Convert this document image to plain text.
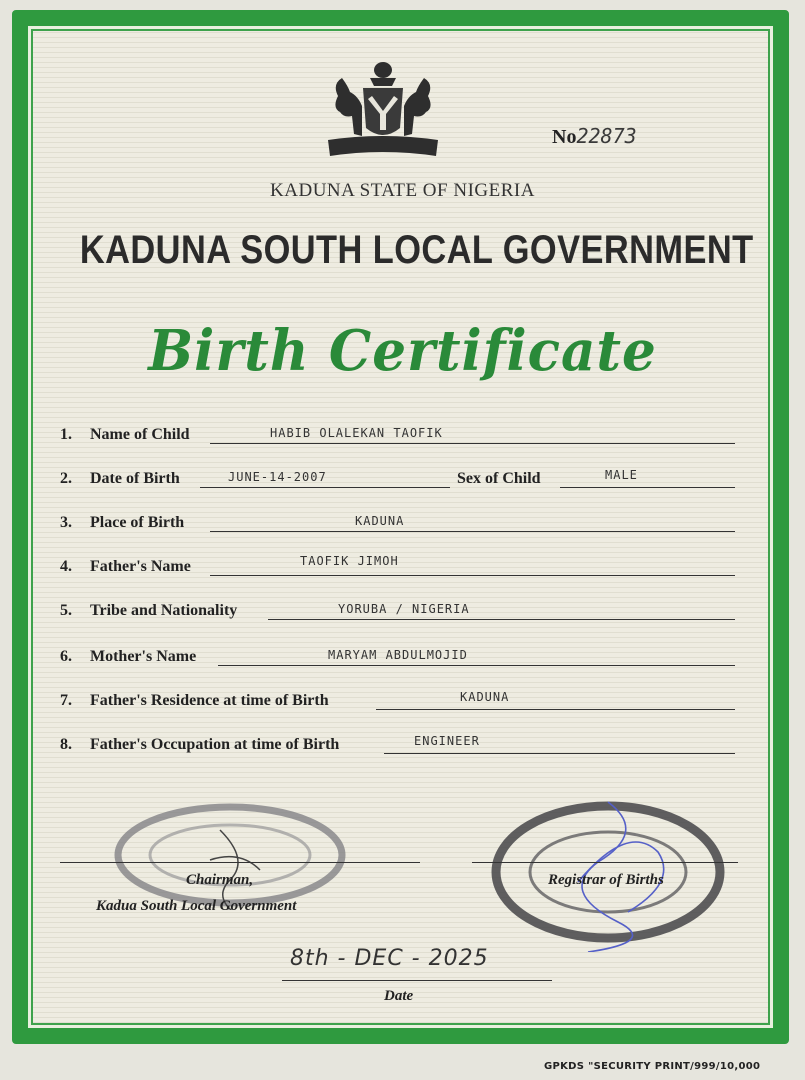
No22873
KADUNA STATE OF NIGERIA
KADUNA SOUTH LOCAL GOVERNMENT
Birth Certificate
1. Name of Child	HABIB OLALEKAN TAOFIK
2. Date of Birth	JUNE-14-2007	Sex of Child	MALE
3. Place of Birth	KADUNA
4. Father's Name	TAOFIK JIMOH
5. Tribe and Nationality	YORUBA / NIGERIA
6. Mother's Name	MARYAM ABDULMOJID
7. Father's Residence at time of Birth	KADUNA
8. Father's Occupation at time of Birth	ENGINEER
Chairman,
Kadua South Local Government
Registrar of Births
8th - DEC - 2025
Date
GPKDS "SECURITY PRINT/999/10,000
